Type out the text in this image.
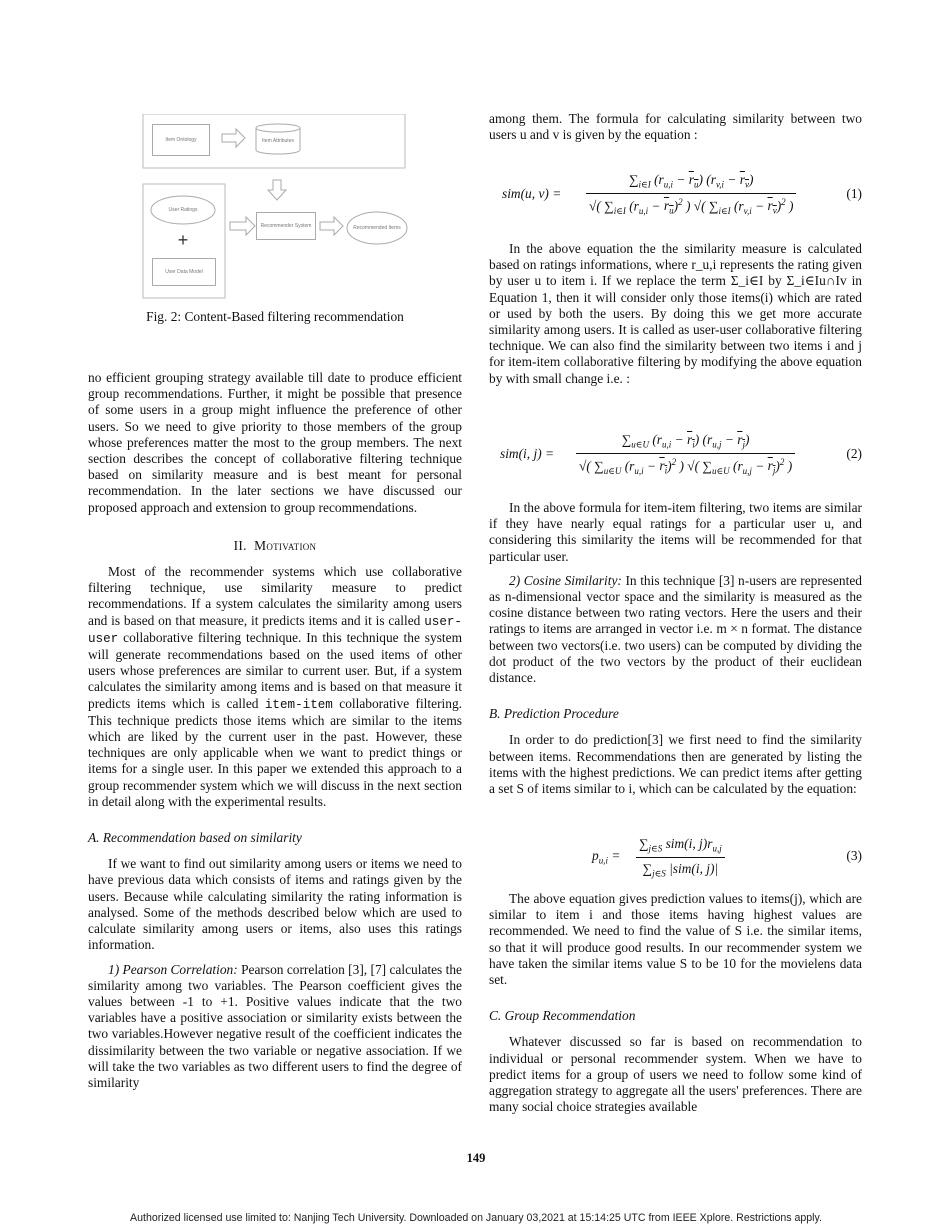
Item Ontology	Item Attributes
User Ratings
+
User Data Model
Recommender System	Recommended Items
Fig. 2: Content-Based filtering recommendation

no efficient grouping strategy available till date to produce efficient group recommendations. Further, it might be possible that presence of some users in a group might influence the preference of other users. So we need to give priority to those members of the group whose preferences matter the most to the group members. The next section describes the concept of collaborative filtering technique based on similarity measure and is best meant for personal recommendation. In the later sections we have discussed our proposed approach and extension to group recommendations.

II. Motivation

Most of the recommender systems which use collaborative filtering technique, use similarity measure to predict recommendations. If a system calculates the similarity among users and is based on that measure, it predicts items and it is called user-user collaborative filtering technique. In this technique the system will generate recommendations based on the used items of other users whose preferences are similar to current user. But, if a system calculates the similarity among items and is based on that measure it predicts items which is called item-item collaborative filtering. This technique predicts those items which are similar to the items which are liked by the current user in the past. However, these techniques are only applicable when we want to predict things or items for a single user. In this paper we extended this approach to a group recommender system which we will discuss in the next section in detail along with the experimental results.

A. Recommendation based on similarity

If we want to find out similarity among users or items we need to have previous data which consists of items and ratings given by the users. Because while calculating similarity the rating information is analysed. Some of the methods described below which are used to calculate similarity among users or items, also uses this ratings information.

1) Pearson Correlation: Pearson correlation [3], [7] calculates the similarity among two variables. The Pearson coefficient gives the values between -1 to +1. Positive values indicate that the two variables have a positive association or similarity exists between the two variables.However negative result of the coefficient indicates the dissimilarity between the two variable or negative association. If we will take the two variables as two different users to find the degree of similarity

among them. The formula for calculating similarity between two users u and v is given by the equation :

sim(u, $v) = \frac{\sum_{i\in I} (r_{u,i} - r_u) (r_{v,i} - r_v)}{√( \sum_{i\in I} (r_{u,i} - r_u)^2 ) √( \sum_{i\in I} (r_{v,i} - r_v)^2 )}$	(1)

In the above equation the the similarity measure is calculated based on ratings informations, where r_u,i represents the rating given by user u to item i. If we replace the term Σ_i∈I by Σ_i∈Iu∩Iv in Equation 1, then it will consider only those items(i) which are rated or used by both the users. By doing this we get more accurate similarity among users. It is called as user-user collaborative filtering technique. We can also find the similarity between two items i and j for item-item collaborative filtering by modifying the above equation by with small change i.e. :

sim(i, $j) = \frac{\sum_{u\in U} (r_{u,i} - r_i) (r_{u,j} - r_j)}{√( \sum_{u\in U} (r_{u,i} - r_i)^2 ) √( \sum_{u\in U} (r_{u,j} - r_j)^2 )}$	(2)

In the above formula for item-item filtering, two items are similar if they have nearly equal ratings for a particular user u, and considering this similarity the items will be recommended for that particular user.

2) Cosine Similarity: In this technique [3] n-users are represented as n-dimensional vector space and the similarity is measured as the cosine distance between two rating vectors. Here the users and their ratings to items are arranged in vector i.e. m × n format. The distance between two vectors(i.e. two users) can be computed by dividing the dot product of the two vectors by the product of their euclidean distance.

B. Prediction Procedure

In order to do prediction[3] we first need to find the similarity between items. Recommendations then are generated by listing the items with the highest predictions. We can predict items after getting a set S of items similar to i, which can be calculated by the equation:

$p_{u,i}$ =
$\sum_{j\in S}$ sim(i, $j)r_{u,j}$
$\sum_{j\in S}$ |sim(i, j)|
(3)

The above equation gives prediction values to items(j), which are similar to item i and those items having highest values are recommended. We need to find the value of S i.e. the similar items, so that it will produce good results. In our recommender system we have taken the similar items value S to be 10 for the movielens data set.

C. Group Recommendation

Whatever discussed so far is based on recommendation to individual or personal recommender system. When we have to predict items for a group of users we need to follow some kind of aggregation strategy to aggregate all the users' preferences. There are many social choice strategies available

149
Authorized licensed use limited to: Nanjing Tech University. Downloaded on January 03,2021 at 15:14:25 UTC from IEEE Xplore. Restrictions apply.
